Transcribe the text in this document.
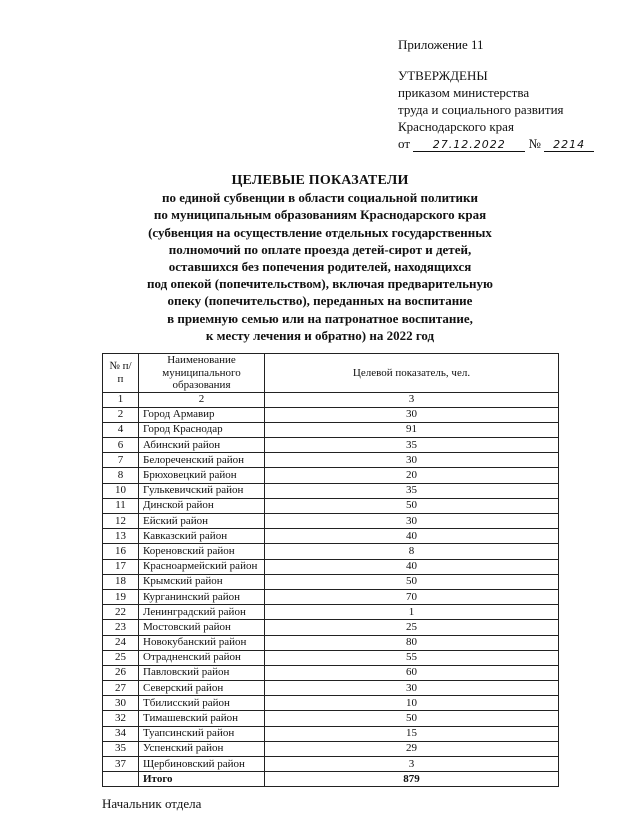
Приложение 11
УТВЕРЖДЕНЫ
приказом министерства
труда и социального развития
Краснодарского края
от 27.12.2022 № 2214
ЦЕЛЕВЫЕ ПОКАЗАТЕЛИ
по единой субвенции в области социальной политики
по муниципальным образованиям Краснодарского края
(субвенция на осуществление отдельных государственных
полномочий по оплате проезда детей-сирот и детей,
оставшихся без попечения родителей, находящихся
под опекой (попечительством), включая предварительную
опеку (попечительство), переданных на воспитание
в приемную семью или на патронатное воспитание,
к месту лечения и обратно) на 2022 год
№ п/п	Наименование муниципального образования	Целевой показатель, чел.
1	2	3
2	Город Армавир	30
4	Город Краснодар	91
6	Абинский район	35
7	Белореченский район	30
8	Брюховецкий район	20
10	Гулькевичский район	35
11	Динской район	50
12	Ейский район	30
13	Кавказский район	40
16	Кореновский район	8
17	Красноармейский район	40
18	Крымский район	50
19	Курганинский район	70
22	Ленинградский район	1
23	Мостовский район	25
24	Новокубанский район	80
25	Отрадненский район	55
26	Павловский район	60
27	Северский район	30
30	Тбилисский район	10
32	Тимашевский район	50
34	Туапсинский район	15
35	Успенский район	29
37	Щербиновский район	3
	Итого	879
Начальник отдела
